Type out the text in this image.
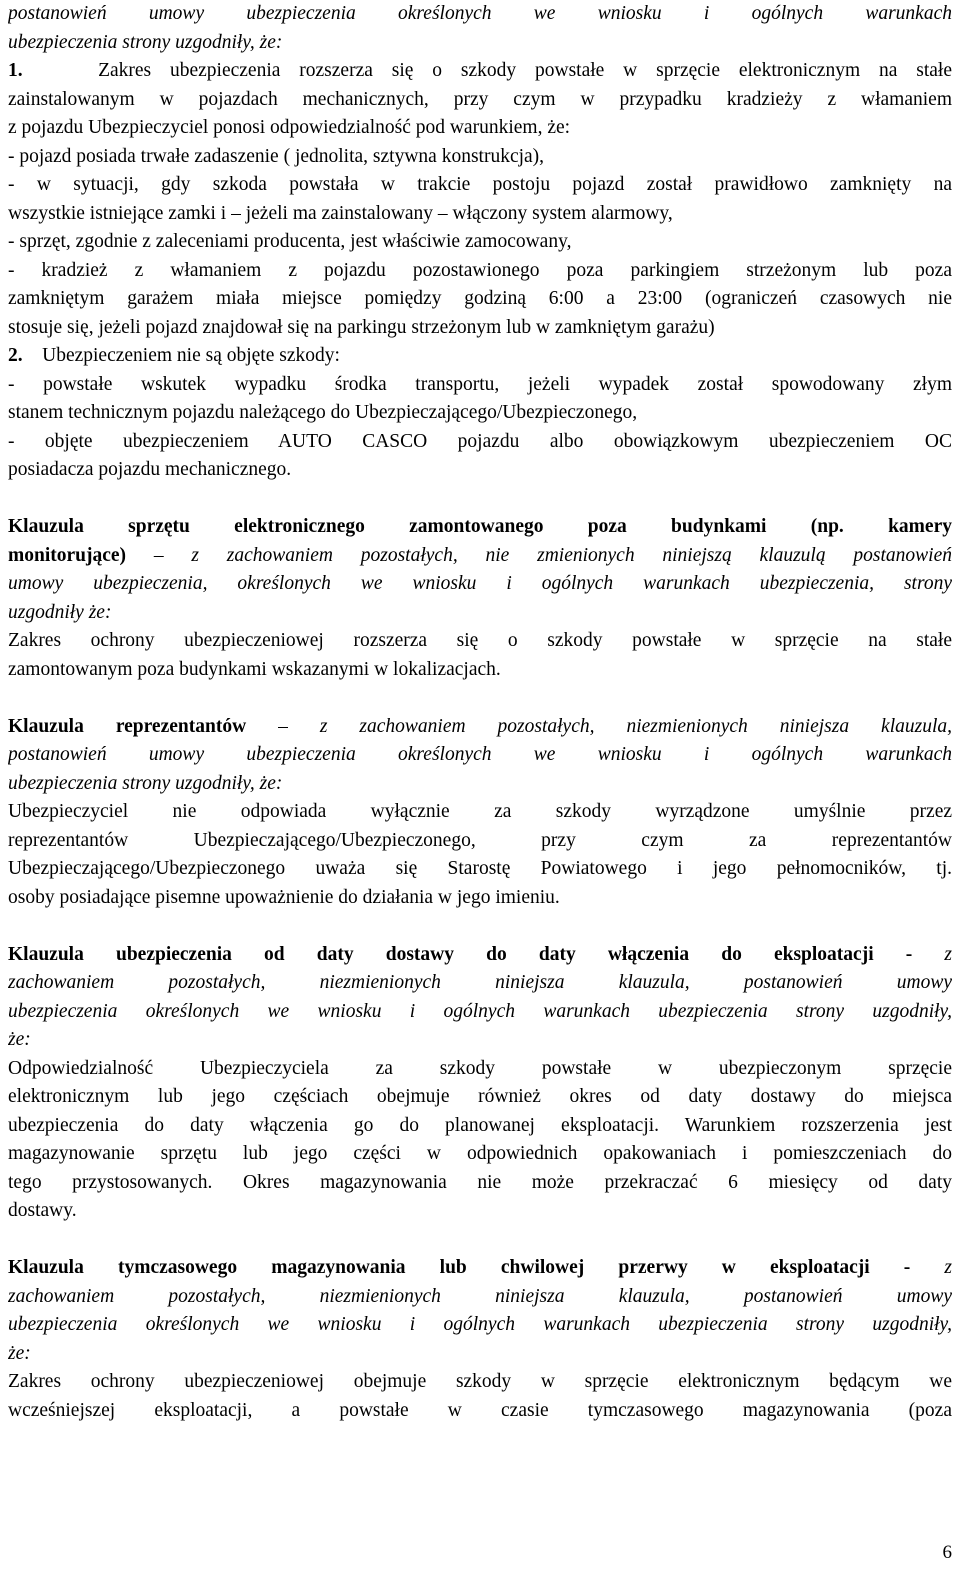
postanowień umowy ubezpieczenia określonych we wniosku i ogólnych warunkach
ubezpieczenia strony uzgodniły, że:
1.	Zakres ubezpieczenia rozszerza się o szkody powstałe w sprzęcie elektronicznym na stałe
zainstalowanym w pojazdach mechanicznych, przy czym w przypadku kradzieży z włamaniem
z pojazdu Ubezpieczyciel ponosi odpowiedzialność pod warunkiem, że:
- pojazd posiada trwałe zadaszenie ( jednolita, sztywna konstrukcja),
- w sytuacji, gdy szkoda powstała w trakcie postoju pojazd został prawidłowo zamknięty na
wszystkie istniejące zamki i – jeżeli ma zainstalowany – włączony system alarmowy,
- sprzęt, zgodnie z zaleceniami producenta, jest właściwie zamocowany,
- kradzież z włamaniem z pojazdu pozostawionego poza parkingiem strzeżonym lub poza
zamkniętym garażem miała miejsce pomiędzy godziną 6:00 a 23:00 (ograniczeń czasowych nie
stosuje się, jeżeli pojazd znajdował się na parkingu strzeżonym lub w zamkniętym garażu)
2. Ubezpieczeniem nie są objęte szkody:
- powstałe wskutek wypadku środka transportu, jeżeli wypadek został spowodowany złym
stanem technicznym pojazdu należącego do Ubezpieczającego/Ubezpieczonego,
- objęte ubezpieczeniem AUTO CASCO pojazdu albo obowiązkowym ubezpieczeniem OC
posiadacza pojazdu mechanicznego.
Klauzula sprzętu elektronicznego zamontowanego poza budynkami (np. kamery
monitorujące) – z zachowaniem pozostałych, nie zmienionych niniejszą klauzulą postanowień
umowy ubezpieczenia, określonych we wniosku i ogólnych warunkach ubezpieczenia, strony
uzgodniły że:
Zakres ochrony ubezpieczeniowej rozszerza się o szkody powstałe w sprzęcie na stałe
zamontowanym poza budynkami wskazanymi w lokalizacjach.
Klauzula reprezentantów – z zachowaniem pozostałych, niezmienionych niniejsza klauzula,
postanowień umowy ubezpieczenia określonych we wniosku i ogólnych warunkach
ubezpieczenia strony uzgodniły, że:
Ubezpieczyciel nie odpowiada wyłącznie za szkody wyrządzone umyślnie przez
reprezentantów Ubezpieczającego/Ubezpieczonego, przy czym za reprezentantów
Ubezpieczającego/Ubezpieczonego uważa się Starostę Powiatowego i jego pełnomocników, tj.
osoby posiadające pisemne upoważnienie do działania w jego imieniu.
Klauzula ubezpieczenia od daty dostawy do daty włączenia do eksploatacji - z
zachowaniem pozostałych, niezmienionych niniejsza klauzula, postanowień umowy
ubezpieczenia określonych we wniosku i ogólnych warunkach ubezpieczenia strony uzgodniły,
że:
Odpowiedzialność Ubezpieczyciela za szkody powstałe w ubezpieczonym sprzęcie
elektronicznym lub jego częściach obejmuje również okres od daty dostawy do miejsca
ubezpieczenia do daty włączenia go do planowanej eksploatacji. Warunkiem rozszerzenia jest
magazynowanie sprzętu lub jego części w odpowiednich opakowaniach i pomieszczeniach do
tego przystosowanych. Okres magazynowania nie może przekraczać 6 miesięcy od daty
dostawy.
Klauzula tymczasowego magazynowania lub chwilowej przerwy w eksploatacji - z
zachowaniem pozostałych, niezmienionych niniejsza klauzula, postanowień umowy
ubezpieczenia określonych we wniosku i ogólnych warunkach ubezpieczenia strony uzgodniły,
że:
Zakres ochrony ubezpieczeniowej obejmuje szkody w sprzęcie elektronicznym będącym we
wcześniejszej eksploatacji, a powstałe w czasie tymczasowego magazynowania (poza
6
